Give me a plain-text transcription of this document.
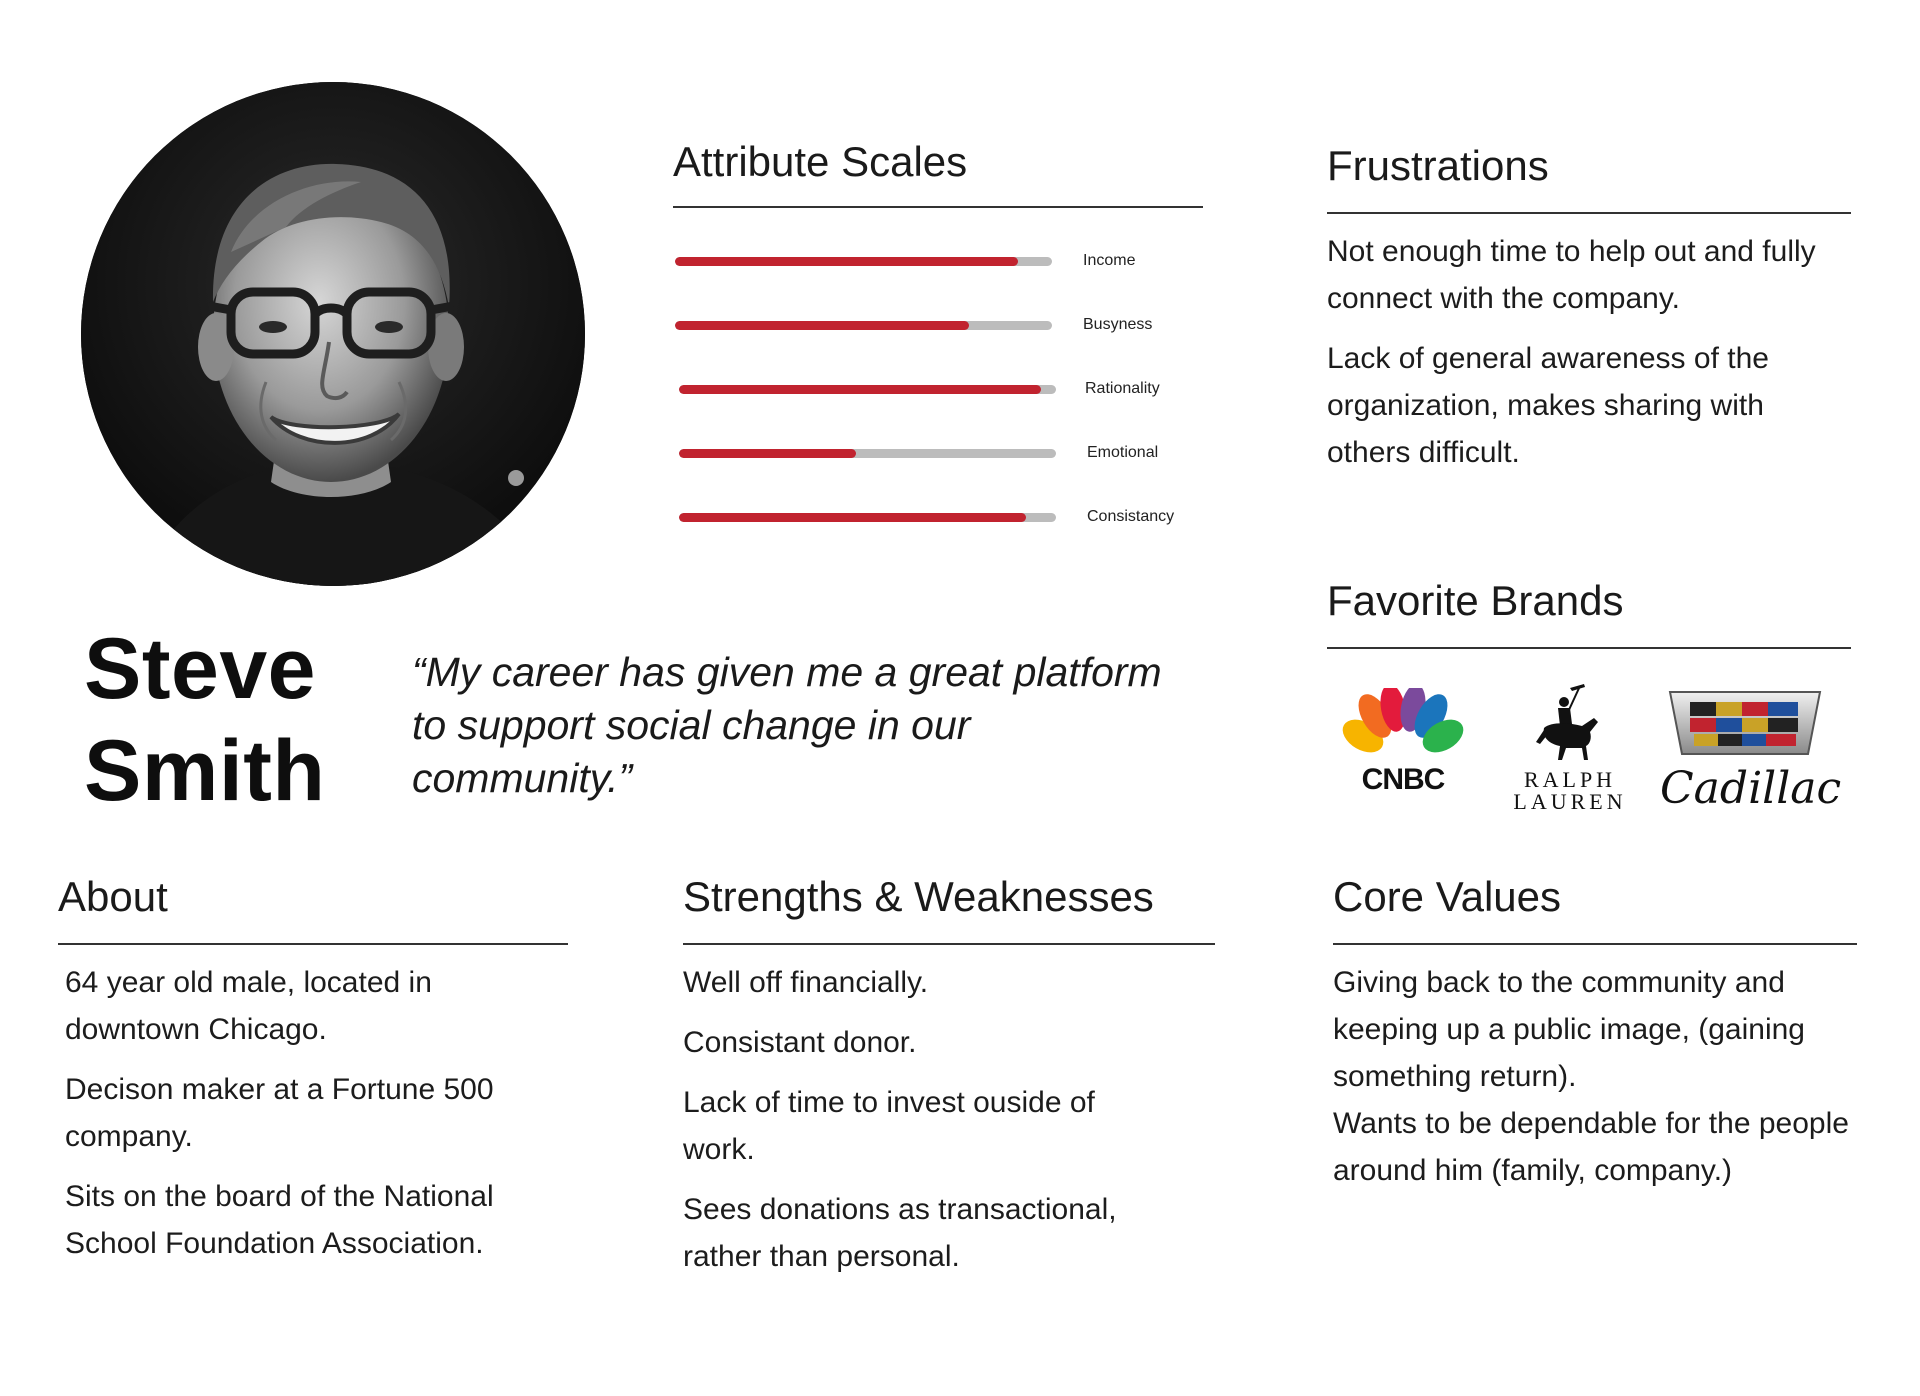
Steve
Smith

“My career has given me a great platform to support social change in our community.”

Attribute Scales
Income
Busyness
Rationality
Emotional
Consistancy
Frustrations

Not enough time to help out and fully connect with the company.

Lack of general awareness of the organization, makes sharing with others difficult.

Favorite Brands
CNBC	RALPH
LAUREN Cadillac
About

64 year old male, located in downtown Chicago.

Decison maker at a Fortune 500 company.

Sits on the board of the National School Foundation Association.

Strengths & Weaknesses

Well off financially.

Consistant donor.

Lack of time to invest ouside of work.

Sees donations as transactional, rather than personal.

Core Values

Giving back to the community and keeping up a public image, (gaining something return).

Wants to be dependable for the people around him (family, company.)
